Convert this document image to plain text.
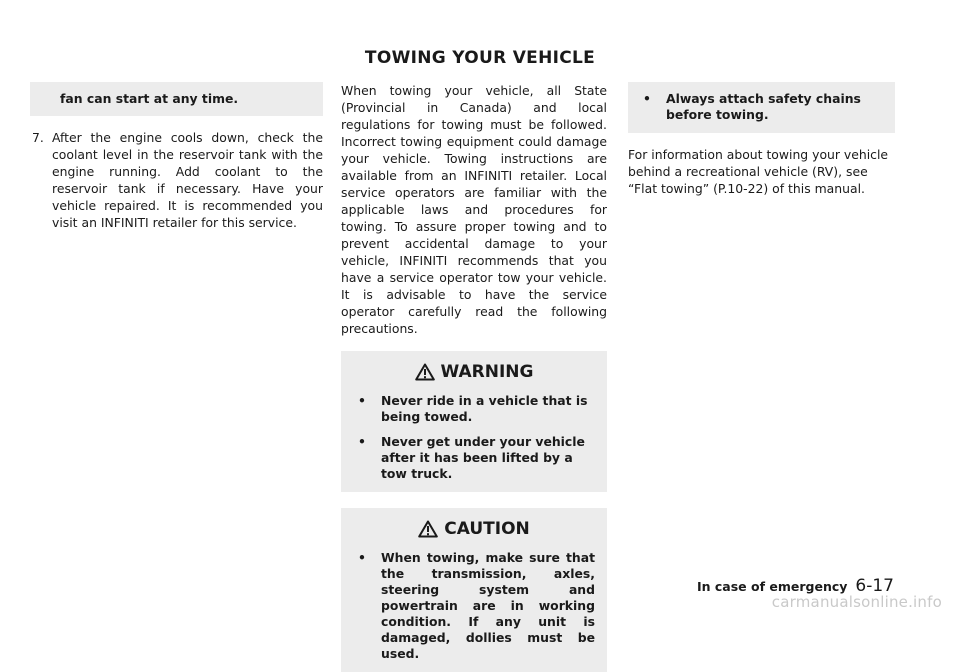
TOWING YOUR VEHICLE
fan can start at any time.
7. After the engine cools down, check the coolant level in the reservoir tank with the engine running. Add coolant to the reservoir tank if necessary. Have your vehicle repaired. It is recommended you visit an INFINITI retailer for this service.

When towing your vehicle, all State (Provincial in Canada) and local regulations for towing must be followed. Incorrect towing equipment could damage your vehicle. Towing instructions are available from an INFINITI retailer. Local service operators are familiar with the applicable laws and procedures for towing. To assure proper towing and to prevent accidental damage to your vehicle, INFINITI recommends that you have a service operator tow your vehicle. It is advisable to have the service operator carefully read the following precautions.

WARNING
• Never ride in a vehicle that is being towed.
• Never get under your vehicle after it has been lifted by a tow truck.
CAUTION
• When towing, make sure that the transmission, axles, steering system and powertrain are in working condition. If any unit is damaged, dollies must be used.
• Always attach safety chains before towing.

For information about towing your vehicle behind a recreational vehicle (RV), see “Flat towing” (P.10-22) of this manual.

In case of emergency 6-17
carmanualsonline.info
